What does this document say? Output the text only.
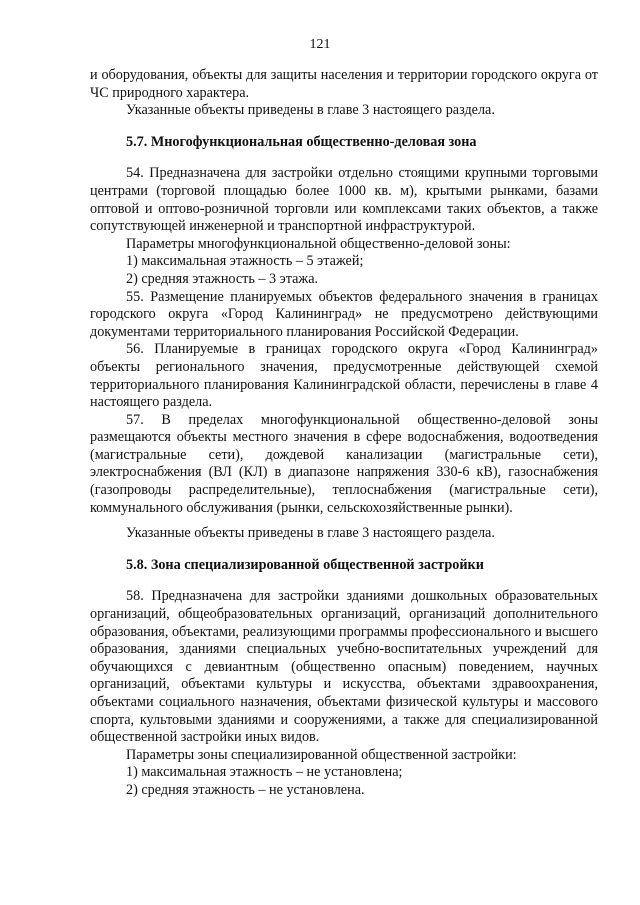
121

и оборудования, объекты для защиты населения и территории городского округа от ЧС природного характера.

Указанные объекты приведены в главе 3 настоящего раздела.

5.7. Многофункциональная общественно-деловая зона

54. Предназначена для застройки отдельно стоящими крупными торговыми центрами (торговой площадью более 1000 кв. м), крытыми рынками, базами оптовой и оптово-розничной торговли или комплексами таких объектов, а также сопутствующей инженерной и транспортной инфраструктурой.

Параметры многофункциональной общественно-деловой зоны:

1) максимальная этажность – 5 этажей;

2) средняя этажность – 3 этажа.

55. Размещение планируемых объектов федерального значения в границах городского округа «Город Калининград» не предусмотрено действующими документами территориального планирования Российской Федерации.

56. Планируемые в границах городского округа «Город Калининград» объекты регионального значения, предусмотренные действующей схемой территориального планирования Калининградской области, перечислены в главе 4 настоящего раздела.

57. В пределах многофункциональной общественно-деловой зоны размещаются объекты местного значения в сфере водоснабжения, водоотведения (магистральные сети), дождевой канализации (магистральные сети), электроснабжения (ВЛ (КЛ) в диапазоне напряжения 330-6 кВ), газоснабжения (газопроводы распределительные), теплоснабжения (магистральные сети), коммунального обслуживания (рынки, сельскохозяйственные рынки).

Указанные объекты приведены в главе 3 настоящего раздела.

5.8. Зона специализированной общественной застройки

58. Предназначена для застройки зданиями дошкольных образовательных организаций, общеобразовательных организаций, организаций дополнительного образования, объектами, реализующими программы профессионального и высшего образования, зданиями специальных учебно-воспитательных учреждений для обучающихся с девиантным (общественно опасным) поведением, научных организаций, объектами культуры и искусства, объектами здравоохранения, объектами социального назначения, объектами физической культуры и массового спорта, культовыми зданиями и сооружениями, а также для специализированной общественной застройки иных видов.

Параметры зоны специализированной общественной застройки:

1) максимальная этажность – не установлена;

2) средняя этажность – не установлена.
